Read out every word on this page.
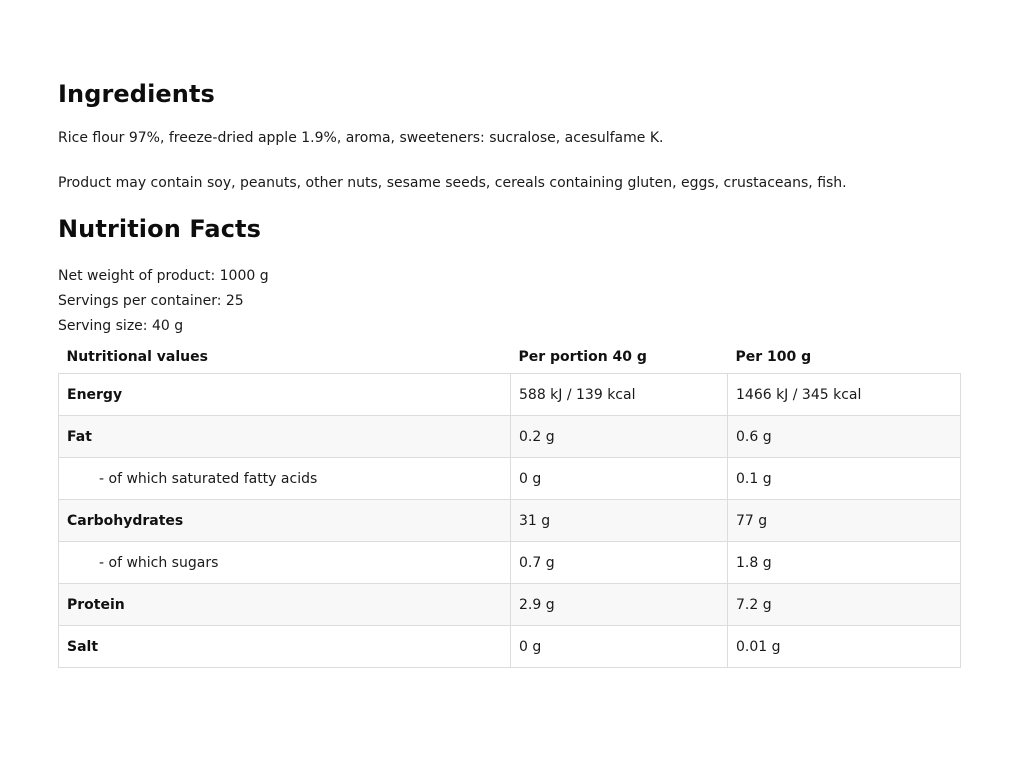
Ingredients

Rice flour 97%, freeze-dried apple 1.9%, aroma, sweeteners: sucralose, acesulfame K.

Product may contain soy, peanuts, other nuts, sesame seeds, cereals containing gluten, eggs, crustaceans, fish.

Nutrition Facts
Net weight of product: 1000 g
Servings per container: 25
Serving size: 40 g
Nutritional values	Per portion 40 g	Per 100 g
Energy	588 kJ / 139 kcal	1466 kJ / 345 kcal
Fat	0.2 g	0.6 g
- of which saturated fatty acids	0 g	0.1 g
Carbohydrates	31 g	77 g
- of which sugars	0.7 g	1.8 g
Protein	2.9 g	7.2 g
Salt	0 g	0.01 g
